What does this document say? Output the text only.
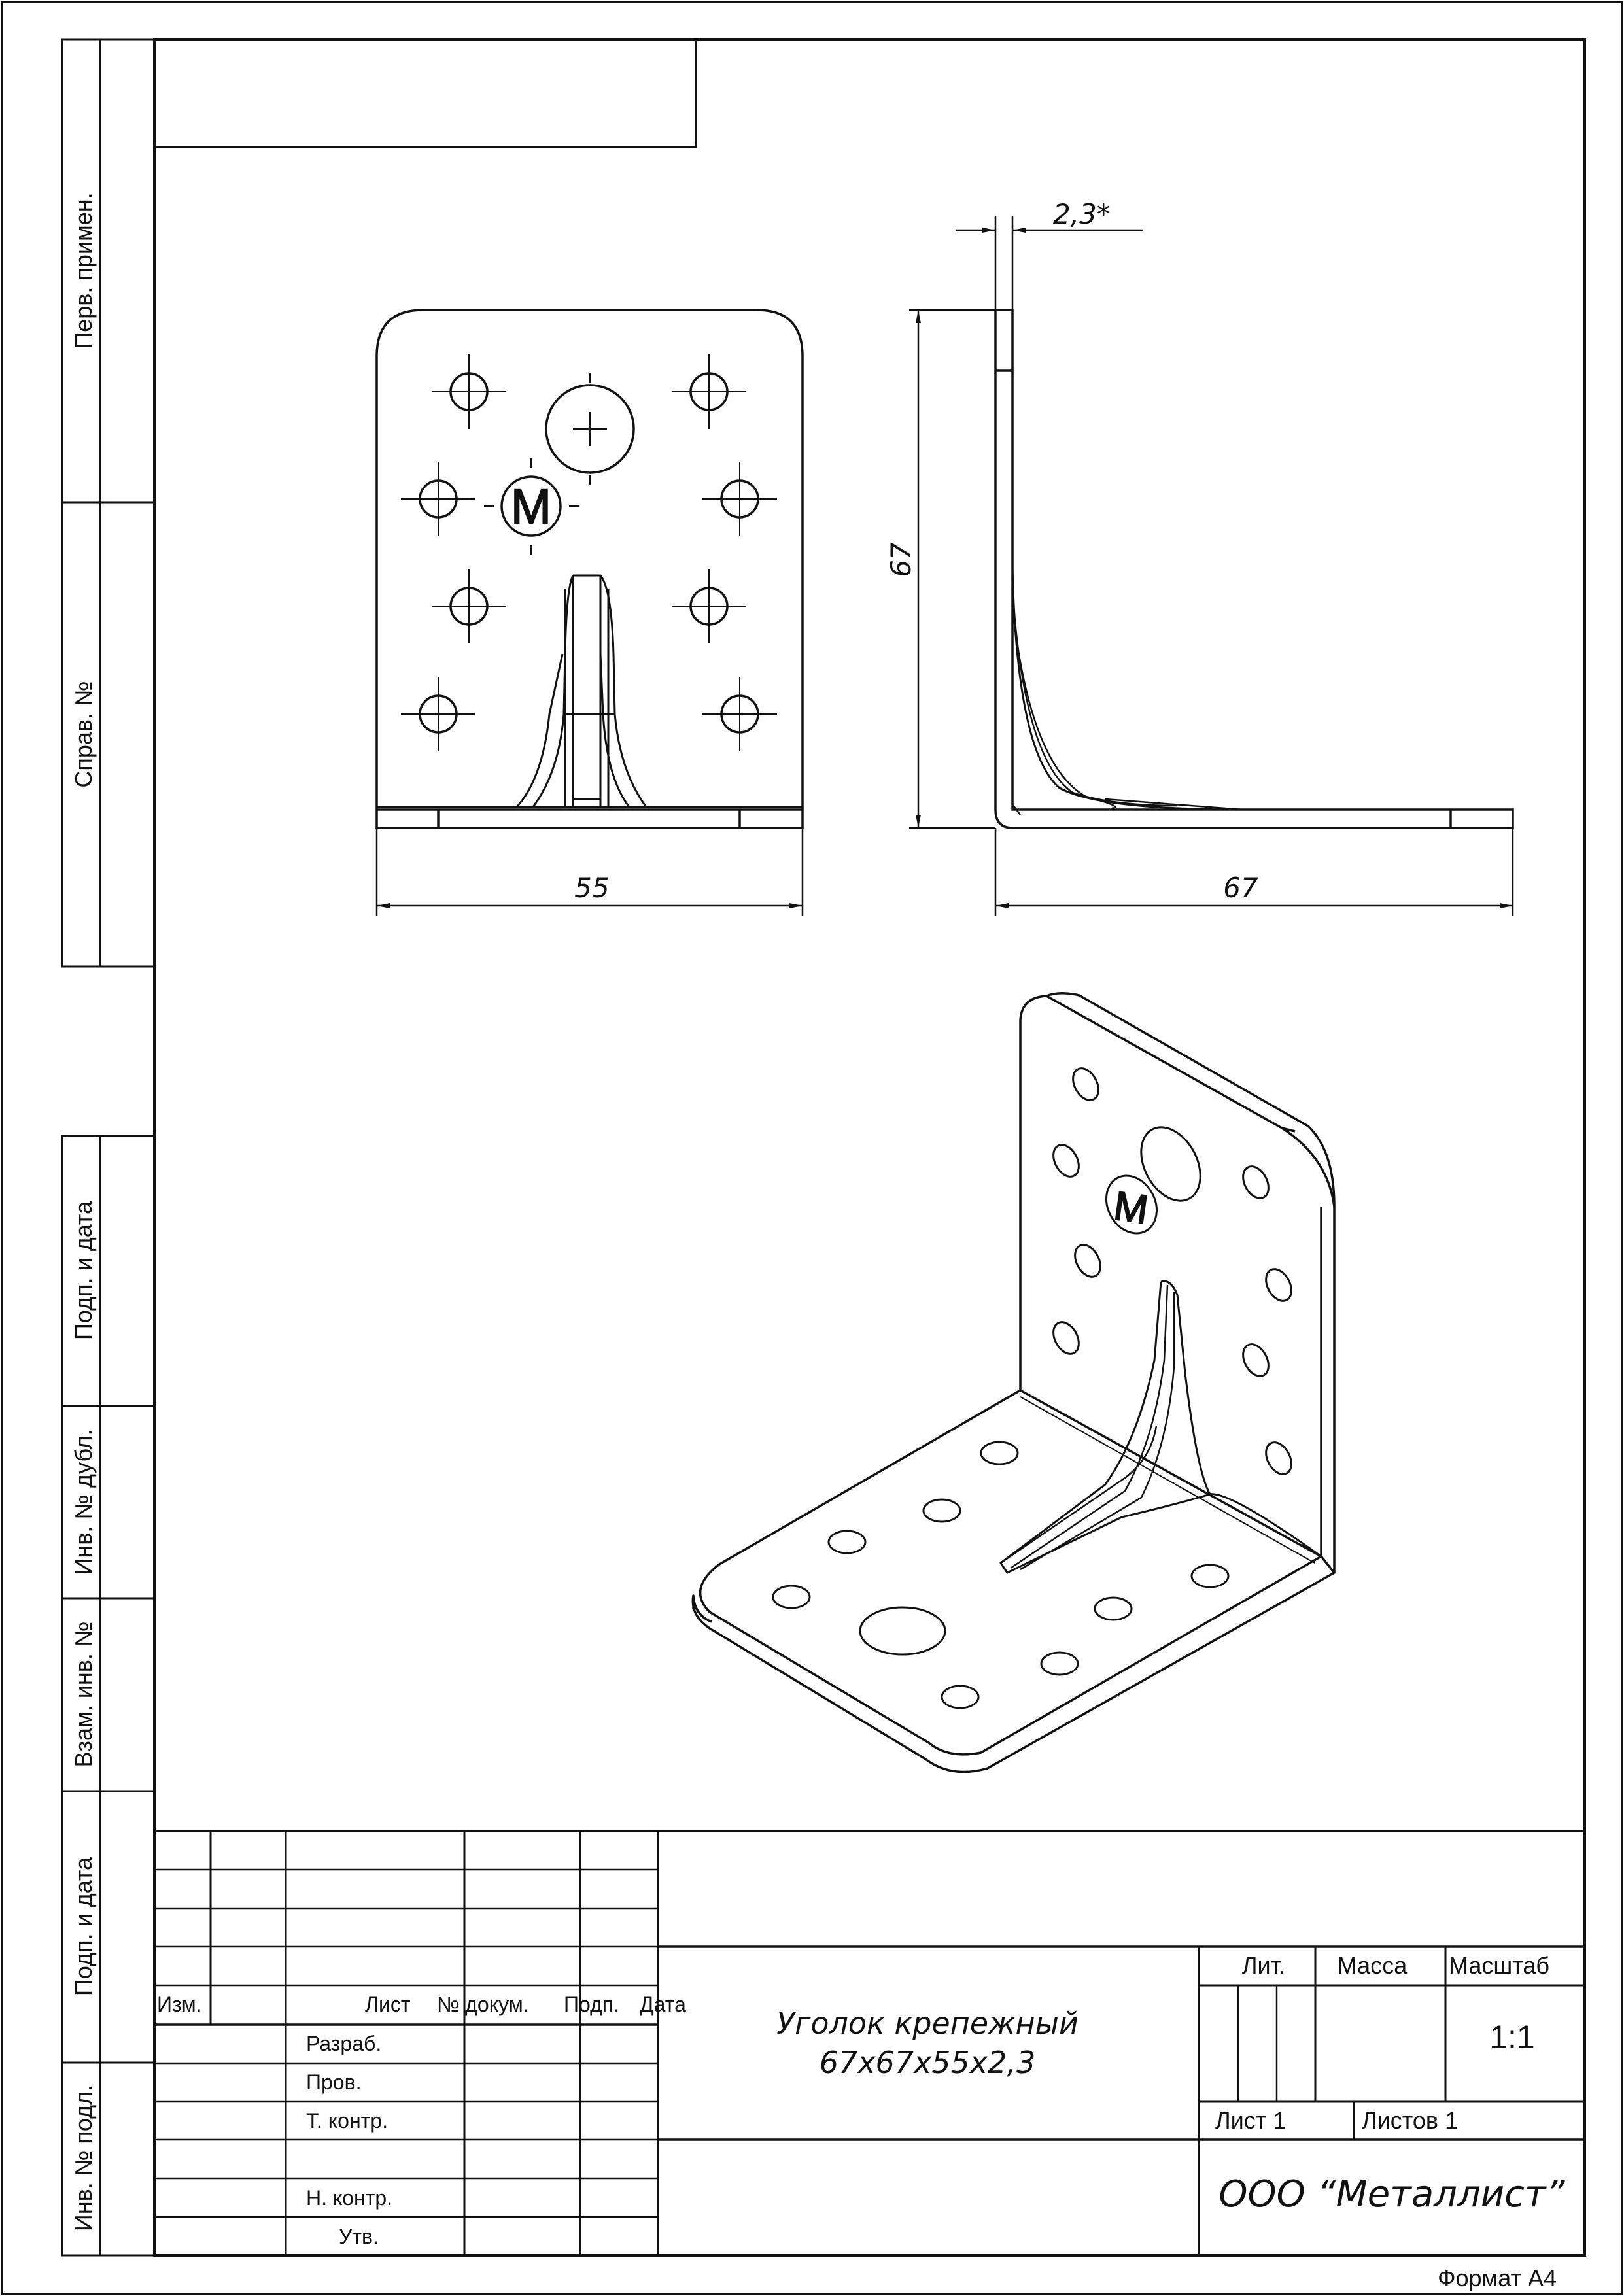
Перв. примен.
Справ. №
Подп. и дата
Инв. № дубл.
Взам. инв. №
Подп. и дата
Инв. № подл.
M
2,3*
67
55	67
M
Изм.	Лист № докум. Подп. Дата
Разраб.
Пров.
Т. контр.
Н. контр.
Утв.
Лит. Масса Масштаб
1:1
Лист 1	Листов 1
Уголок крепежный
67x67x55x2,3
ООО “Металлист”
Формат А4
